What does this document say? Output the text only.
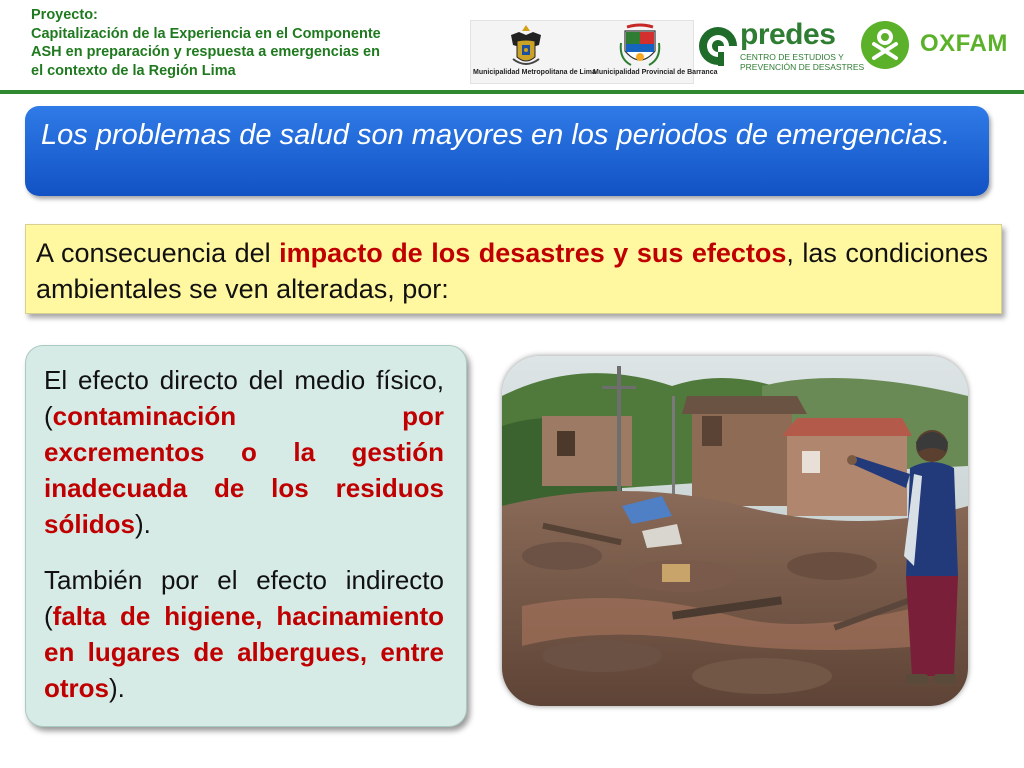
Proyecto:
Capitalización de la Experiencia en el Componente
ASH en preparación y respuesta a emergencias en
el contexto de la Región Lima	Municipalidad Metropolitana de Lima
Municipalidad Provincial de Barranca
predes
CENTRO DE ESTUDIOS Y
PREVENCIÓN DE DESASTRES
OXFAM
Los problemas de salud son mayores en los periodos de emergencias.
A consecuencia del impacto de los desastres y sus efectos, las condiciones ambientales se ven alteradas, por:

El efecto directo del medio físico, (contaminación por excrementos o la gestión inadecuada de los residuos sólidos).

También por el efecto indirecto (falta de higiene, hacinamiento en lugares de albergues, entre otros).
